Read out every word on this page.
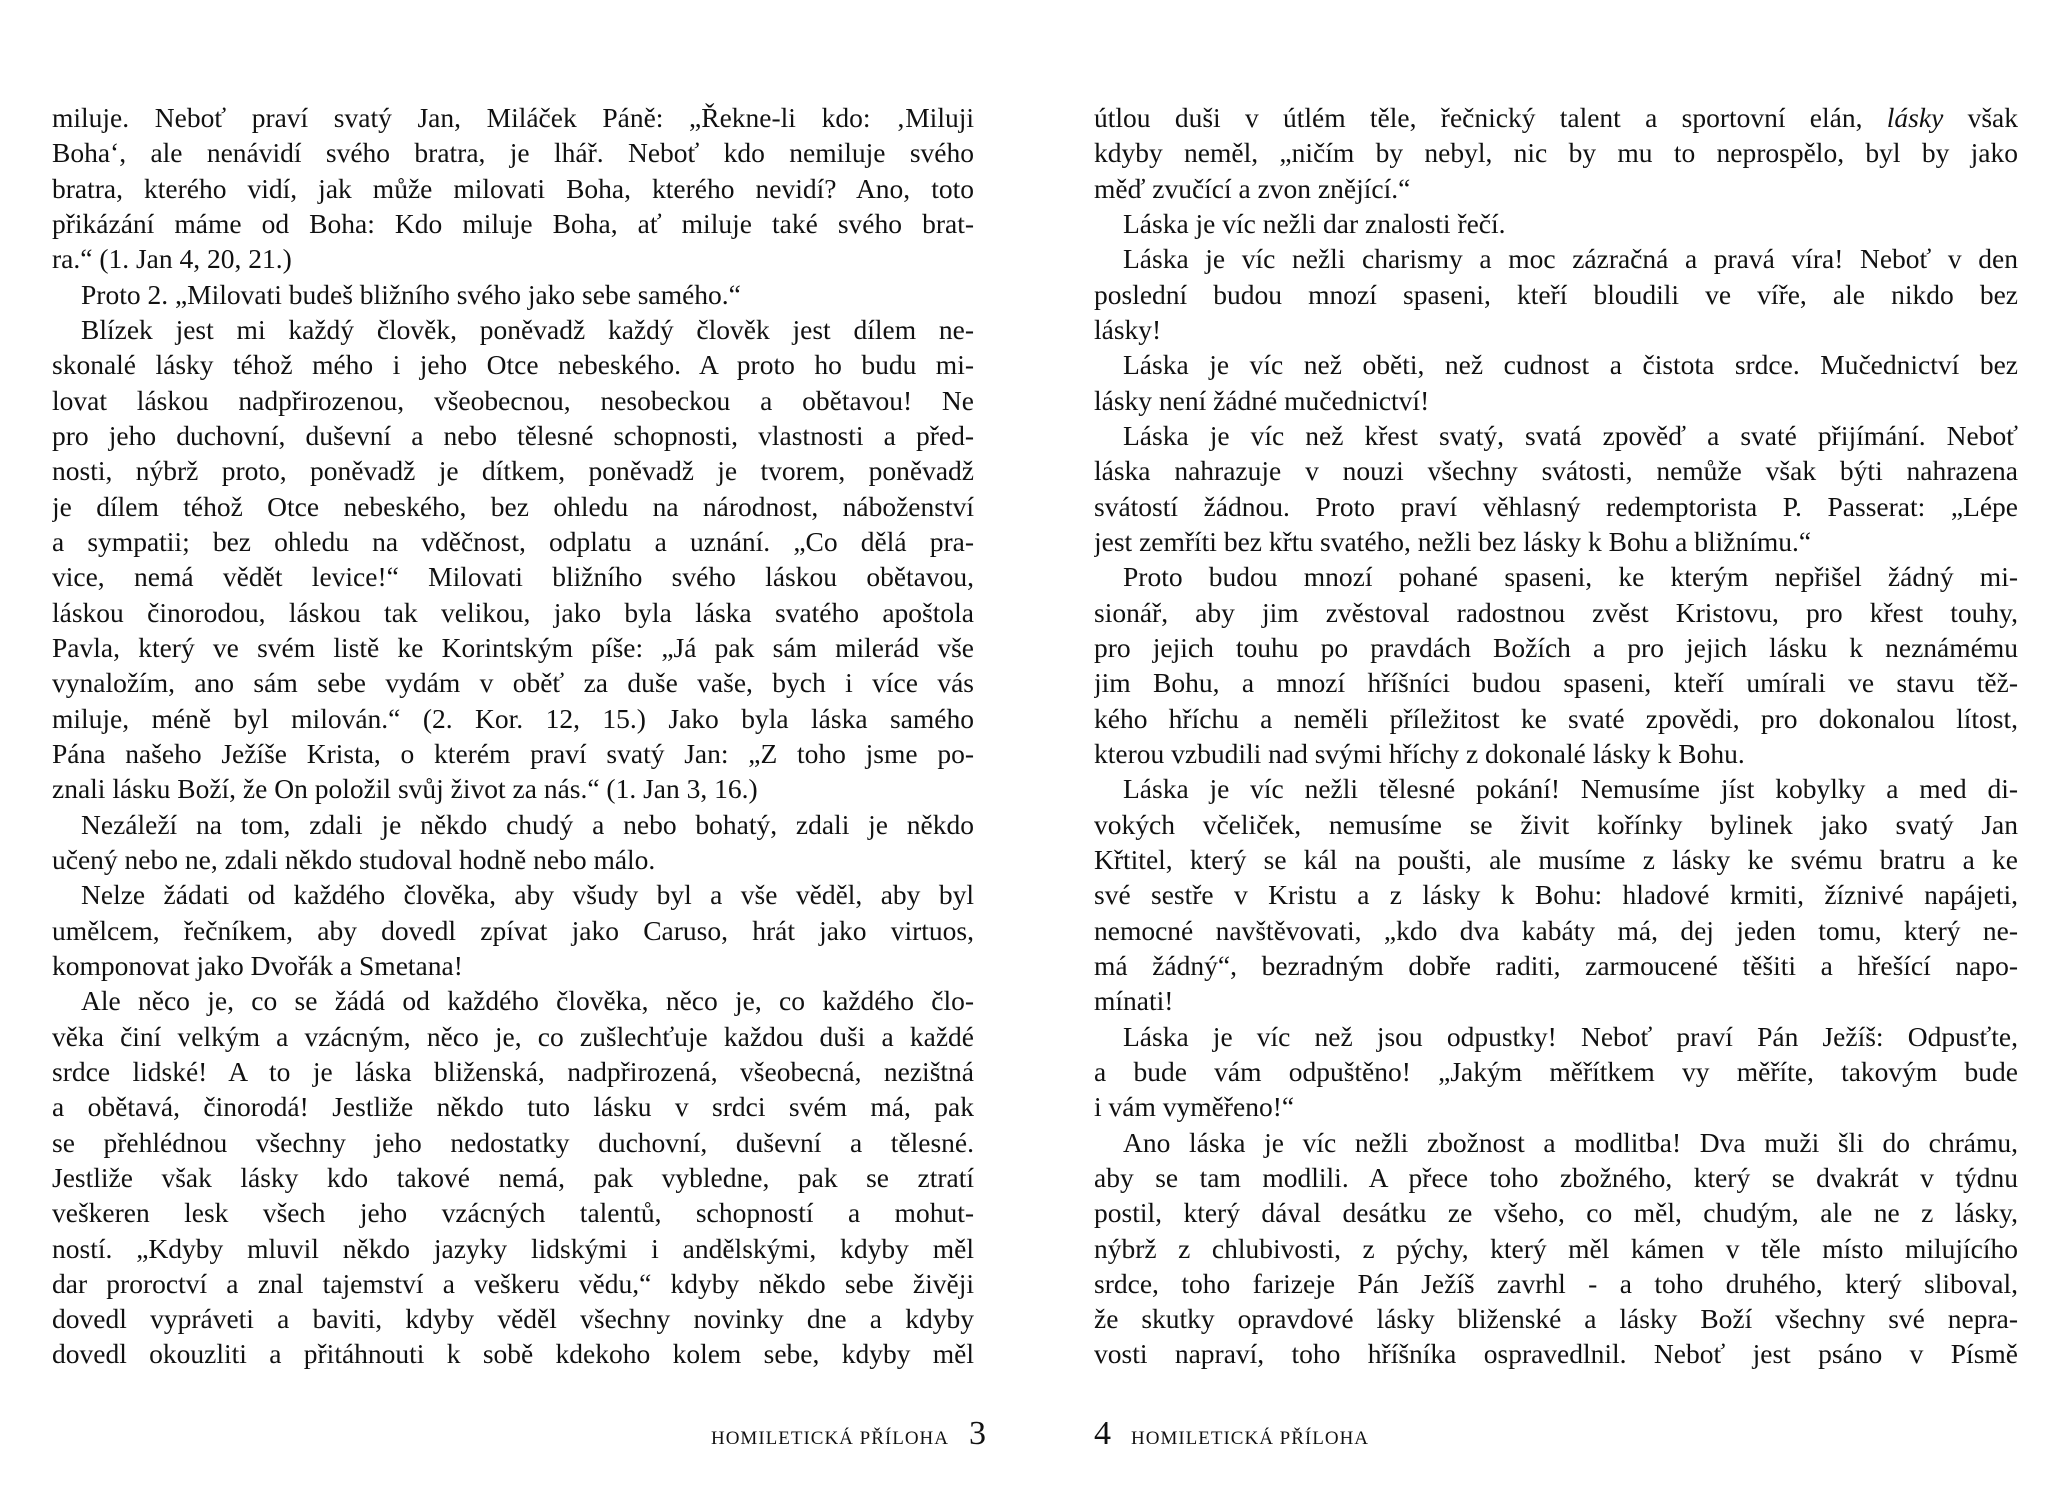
miluje. Neboť praví svatý Jan, Miláček Páně: „Řekne-li kdo: ‚Miluji
Boha‘, ale nenávidí svého bratra, je lhář. Neboť kdo nemiluje svého
bratra, kterého vidí, jak může milovati Boha, kterého nevidí? Ano, toto
přikázání máme od Boha: Kdo miluje Boha, ať miluje také svého brat-
ra.“ (1. Jan 4, 20, 21.)
Proto 2. „Milovati budeš bližního svého jako sebe samého.“
Blízek jest mi každý člověk, poněvadž každý člověk jest dílem ne-
skonalé lásky téhož mého i jeho Otce nebeského. A proto ho budu mi-
lovat láskou nadpřirozenou, všeobecnou, nesobeckou a obětavou! Ne
pro jeho duchovní, duševní a nebo tělesné schopnosti, vlastnosti a před-
nosti, nýbrž proto, poněvadž je dítkem, poněvadž je tvorem, poněvadž
je dílem téhož Otce nebeského, bez ohledu na národnost, náboženství
a sympatii; bez ohledu na vděčnost, odplatu a uznání. „Co dělá pra-
vice, nemá vědět levice!“ Milovati bližního svého láskou obětavou,
láskou činorodou, láskou tak velikou, jako byla láska svatého apoštola
Pavla, který ve svém listě ke Korintským píše: „Já pak sám milerád vše
vynaložím, ano sám sebe vydám v oběť za duše vaše, bych i více vás
miluje, méně byl milován.“ (2. Kor. 12, 15.) Jako byla láska samého
Pána našeho Ježíše Krista, o kterém praví svatý Jan: „Z toho jsme po-
znali lásku Boží, že On položil svůj život za nás.“ (1. Jan 3, 16.)
Nezáleží na tom, zdali je někdo chudý a nebo bohatý, zdali je někdo
učený nebo ne, zdali někdo studoval hodně nebo málo.
Nelze žádati od každého člověka, aby všudy byl a vše věděl, aby byl
umělcem, řečníkem, aby dovedl zpívat jako Caruso, hrát jako virtuos,
komponovat jako Dvořák a Smetana!
Ale něco je, co se žádá od každého člověka, něco je, co každého člo-
věka činí velkým a vzácným, něco je, co zušlechťuje každou duši a každé
srdce lidské! A to je láska bliženská, nadpřirozená, všeobecná, nezištná
a obětavá, činorodá! Jestliže někdo tuto lásku v srdci svém má, pak
se přehlédnou všechny jeho nedostatky duchovní, duševní a tělesné.
Jestliže však lásky kdo takové nemá, pak vybledne, pak se ztratí
veškeren lesk všech jeho vzácných talentů, schopností a mohut-
ností. „Kdyby mluvil někdo jazyky lidskými i andělskými, kdyby měl
dar proroctví a znal tajemství a veškeru vědu,“ kdyby někdo sebe živěji
dovedl vypráveti a baviti, kdyby věděl všechny novinky dne a kdyby
dovedl okouzliti a přitáhnouti k sobě kdekoho kolem sebe, kdyby měl
útlou duši v útlém těle, řečnický talent a sportovní elán, lásky však
kdyby neměl, „ničím by nebyl, nic by mu to neprospělo, byl by jako
měď zvučící a zvon znějící.“
Láska je víc nežli dar znalosti řečí.
Láska je víc nežli charismy a moc zázračná a pravá víra! Neboť v den
poslední budou mnozí spaseni, kteří bloudili ve víře, ale nikdo bez
lásky!
Láska je víc než oběti, než cudnost a čistota srdce. Mučednictví bez
lásky není žádné mučednictví!
Láska je víc než křest svatý, svatá zpověď a svaté přijímání. Neboť
láska nahrazuje v nouzi všechny svátosti, nemůže však býti nahrazena
svátostí žádnou. Proto praví věhlasný redemptorista P. Passerat: „Lépe
jest zemříti bez křtu svatého, nežli bez lásky k Bohu a bližnímu.“
Proto budou mnozí pohané spaseni, ke kterým nepřišel žádný mi-
sionář, aby jim zvěstoval radostnou zvěst Kristovu, pro křest touhy,
pro jejich touhu po pravdách Božích a pro jejich lásku k neznámému
jim Bohu, a mnozí hříšníci budou spaseni, kteří umírali ve stavu těž-
kého hříchu a neměli příležitost ke svaté zpovědi, pro dokonalou lítost,
kterou vzbudili nad svými hříchy z dokonalé lásky k Bohu.
Láska je víc nežli tělesné pokání! Nemusíme jíst kobylky a med di-
vokých včeliček, nemusíme se živit kořínky bylinek jako svatý Jan
Křtitel, který se kál na poušti, ale musíme z lásky ke svému bratru a ke
své sestře v Kristu a z lásky k Bohu: hladové krmiti, žíznivé napájeti,
nemocné navštěvovati, „kdo dva kabáty má, dej jeden tomu, který ne-
má žádný“, bezradným dobře raditi, zarmoucené těšiti a hřešící napo-
mínati!
Láska je víc než jsou odpustky! Neboť praví Pán Ježíš: Odpusťte,
a bude vám odpuštěno! „Jakým měřítkem vy měříte, takovým bude
i vám vyměřeno!“
Ano láska je víc nežli zbožnost a modlitba! Dva muži šli do chrámu,
aby se tam modlili. A přece toho zbožného, který se dvakrát v týdnu
postil, který dával desátku ze všeho, co měl, chudým, ale ne z lásky,
nýbrž z chlubivosti, z pýchy, který měl kámen v těle místo milujícího
srdce, toho farizeje Pán Ježíš zavrhl - a toho druhého, který sliboval,
že skutky opravdové lásky bliženské a lásky Boží všechny své nepra-
vosti napraví, toho hříšníka ospravedlnil. Neboť jest psáno v Písmě
HOMILETICKÁ PŘÍLOHA 3	4 HOMILETICKÁ PŘÍLOHA
